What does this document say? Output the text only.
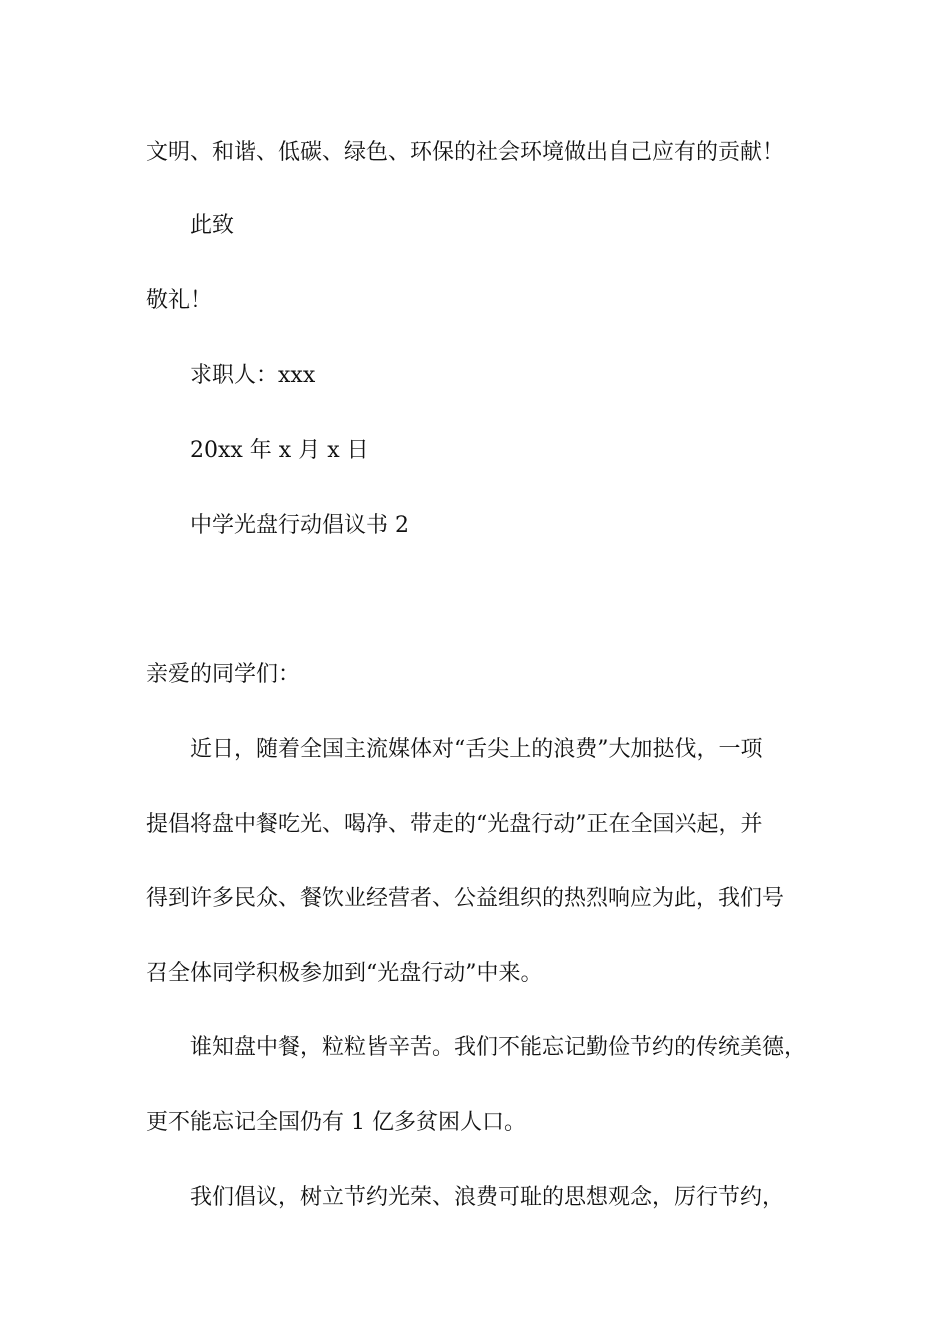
文明、和谐、低碳、绿色、环保的社会环境做出自己应有的贡献！
此致
敬礼！
求职人：xxx
20xx 年 x 月 x 日
中学光盘行动倡议书 2
亲爱的同学们：
近日，随着全国主流媒体对“舌尖上的浪费”大加挞伐，一项
提倡将盘中餐吃光、喝净、带走的“光盘行动”正在全国兴起，并
得到许多民众、餐饮业经营者、公益组织的热烈响应为此，我们号
召全体同学积极参加到“光盘行动”中来。
谁知盘中餐，粒粒皆辛苦。我们不能忘记勤俭节约的传统美德，
更不能忘记全国仍有 1 亿多贫困人口。
我们倡议，树立节约光荣、浪费可耻的思想观念，厉行节约，
